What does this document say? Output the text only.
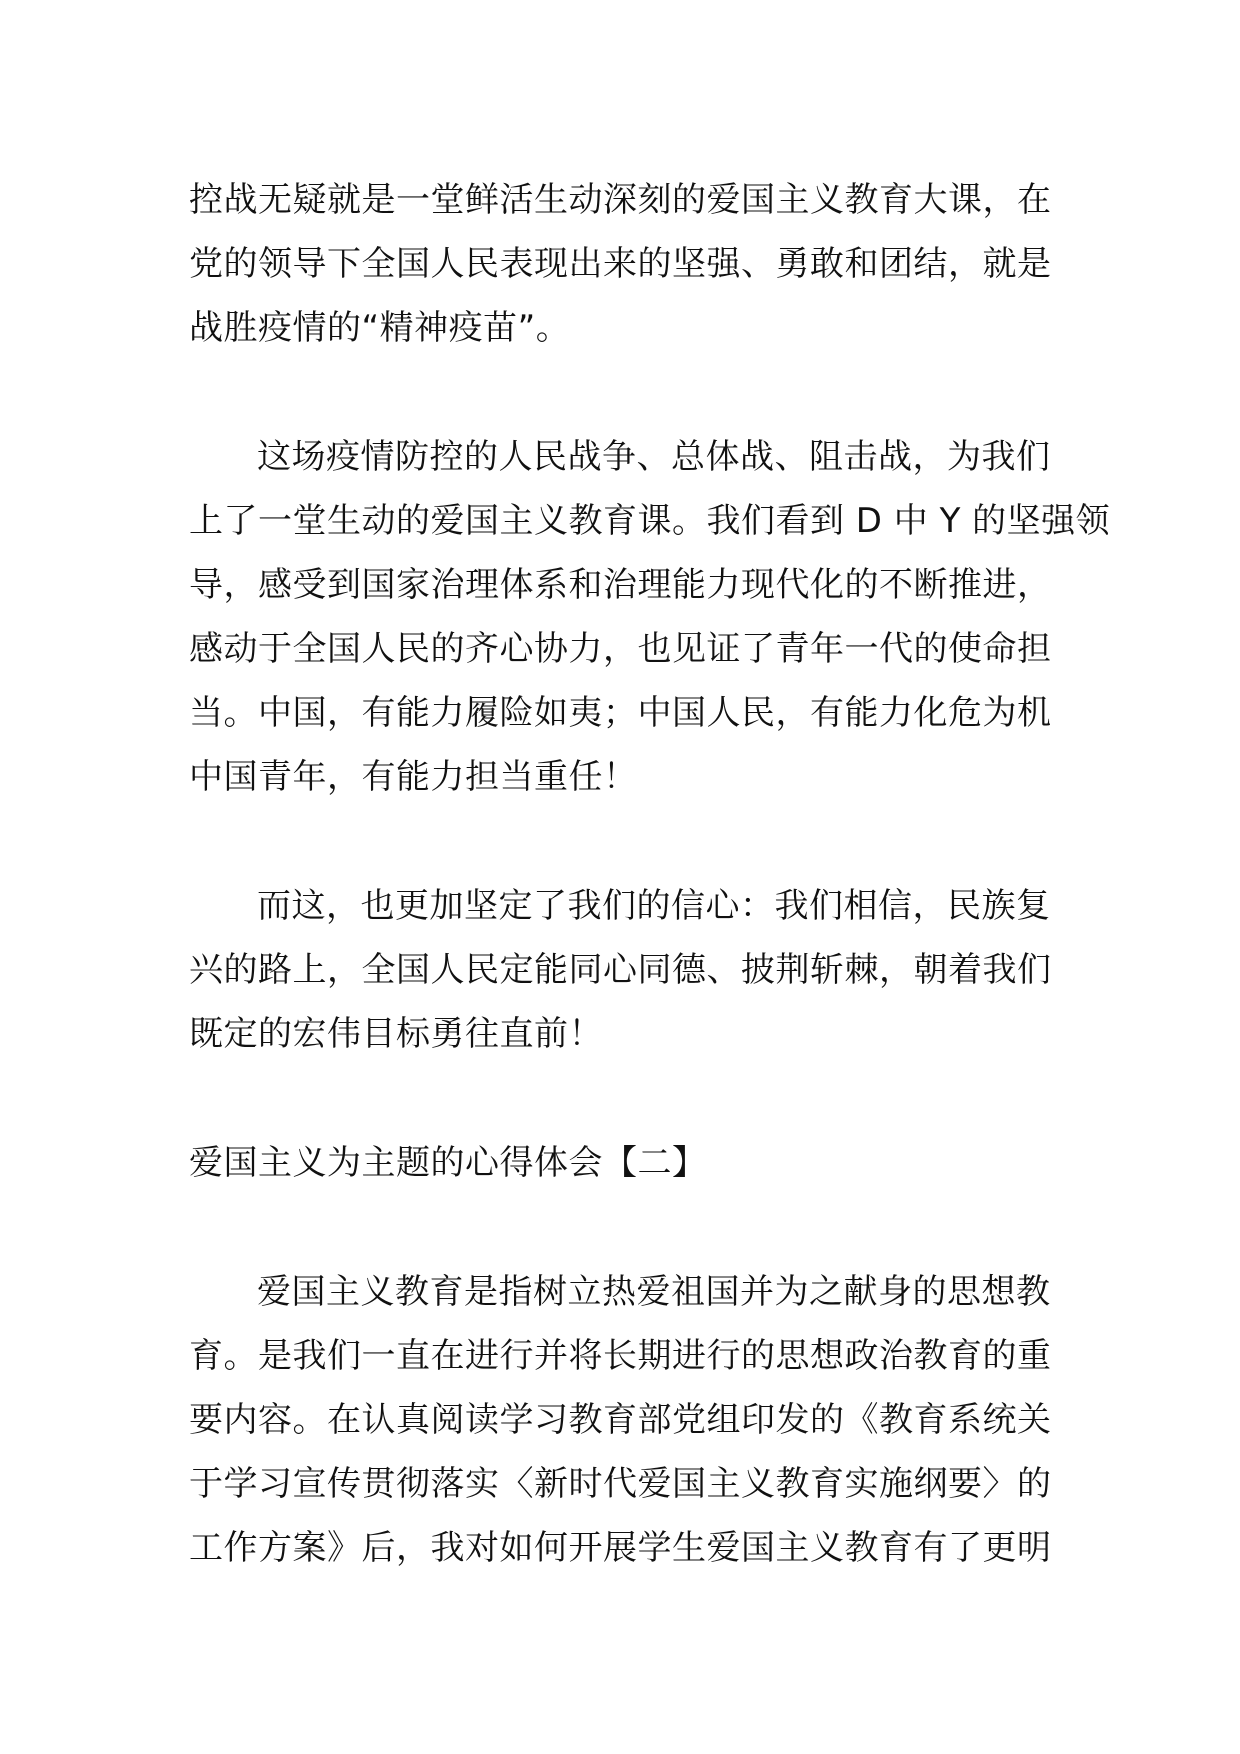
控战无疑就是一堂鲜活生动深刻的爱国主义教育大课，在
党的领导下全国人民表现出来的坚强、勇敢和团结，就是
战胜疫情的“精神疫苗”。
这场疫情防控的人民战争、总体战、阻击战，为我们
上了一堂生动的爱国主义教育课。我们看到 D 中 Y 的坚强领
导，感受到国家治理体系和治理能力现代化的不断推进，
感动于全国人民的齐心协力，也见证了青年一代的使命担
当。中国，有能力履险如夷；中国人民，有能力化危为机
中国青年，有能力担当重任！
而这，也更加坚定了我们的信心：我们相信，民族复
兴的路上，全国人民定能同心同德、披荆斩棘，朝着我们
既定的宏伟目标勇往直前！
爱国主义为主题的心得体会【二】
爱国主义教育是指树立热爱祖国并为之献身的思想教
育。是我们一直在进行并将长期进行的思想政治教育的重
要内容。在认真阅读学习教育部党组印发的《教育系统关
于学习宣传贯彻落实〈新时代爱国主义教育实施纲要〉的
工作方案》后，我对如何开展学生爱国主义教育有了更明
